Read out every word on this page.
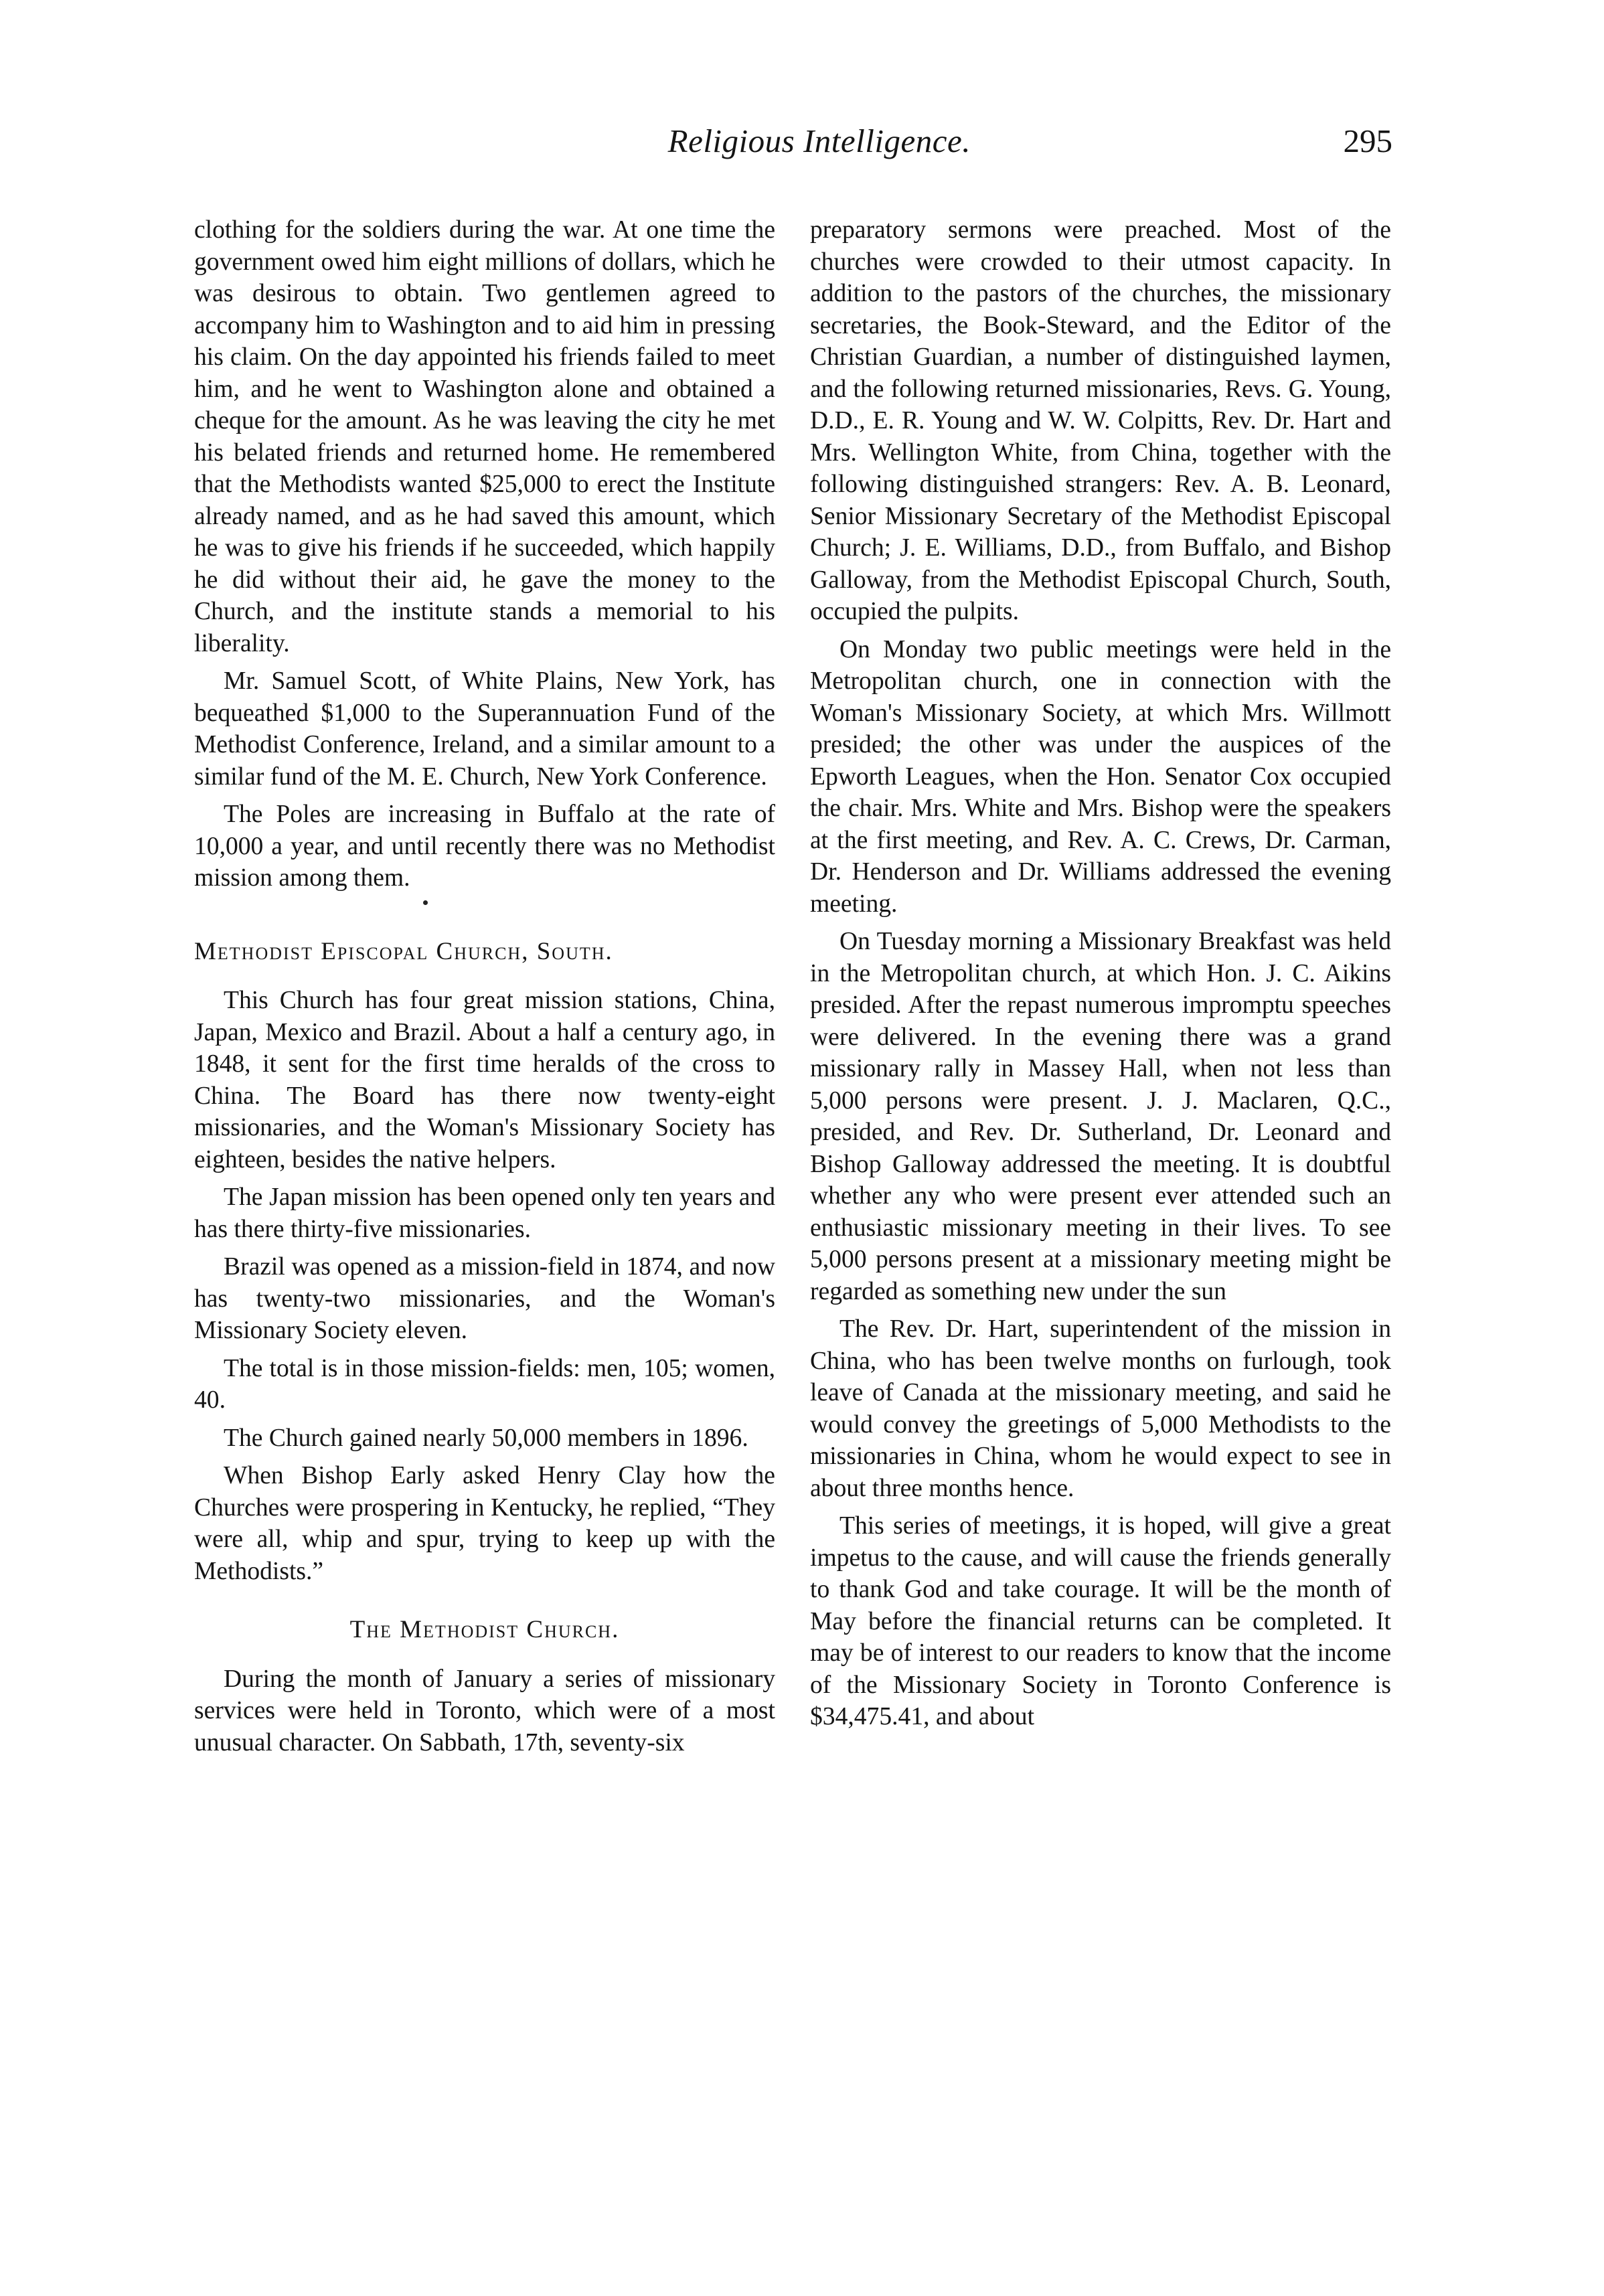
Religious Intelligence.	295

clothing for the soldiers during the war. At one time the government owed him eight millions of dollars, which he was desirous to obtain. Two gentlemen agreed to accompany him to Washington and to aid him in pressing his claim. On the day appointed his friends failed to meet him, and he went to Washington alone and obtained a cheque for the amount. As he was leaving the city he met his belated friends and returned home. He remembered that the Methodists wanted $25,000 to erect the Institute already named, and as he had saved this amount, which he was to give his friends if he succeeded, which happily he did without their aid, he gave the money to the Church, and the institute stands a memorial to his liberality.

Mr. Samuel Scott, of White Plains, New York, has bequeathed $1,000 to the Superannuation Fund of the Methodist Conference, Ireland, and a similar amount to a similar fund of the M. E. Church, New York Conference.

The Poles are increasing in Buffalo at the rate of 10,000 a year, and until recently there was no Methodist mission among them.

Methodist Episcopal Church, South.

This Church has four great mission stations, China, Japan, Mexico and Brazil. About a half a century ago, in 1848, it sent for the first time heralds of the cross to China. The Board has there now twenty-eight missionaries, and the Woman's Missionary Society has eighteen, besides the native helpers.

The Japan mission has been opened only ten years and has there thirty-five missionaries.

Brazil was opened as a mission-field in 1874, and now has twenty-two missionaries, and the Woman's Missionary Society eleven.

The total is in those mission-fields: men, 105; women, 40.

The Church gained nearly 50,000 members in 1896.

When Bishop Early asked Henry Clay how the Churches were prospering in Kentucky, he replied, “They were all, whip and spur, trying to keep up with the Methodists.”

The Methodist Church.

During the month of January a series of missionary services were held in Toronto, which were of a most unusual character. On Sabbath, 17th, seventy-six

preparatory sermons were preached. Most of the churches were crowded to their utmost capacity. In addition to the pastors of the churches, the missionary secretaries, the Book-Steward, and the Editor of the Christian Guardian, a number of distinguished laymen, and the following returned missionaries, Revs. G. Young, D.D., E. R. Young and W. W. Colpitts, Rev. Dr. Hart and Mrs. Wellington White, from China, together with the following distinguished strangers: Rev. A. B. Leonard, Senior Missionary Secretary of the Methodist Episcopal Church; J. E. Williams, D.D., from Buffalo, and Bishop Galloway, from the Methodist Episcopal Church, South, occupied the pulpits.

On Monday two public meetings were held in the Metropolitan church, one in connection with the Woman's Missionary Society, at which Mrs. Willmott presided; the other was under the auspices of the Epworth Leagues, when the Hon. Senator Cox occupied the chair. Mrs. White and Mrs. Bishop were the speakers at the first meeting, and Rev. A. C. Crews, Dr. Carman, Dr. Henderson and Dr. Williams addressed the evening meeting.

On Tuesday morning a Missionary Breakfast was held in the Metropolitan church, at which Hon. J. C. Aikins presided. After the repast numerous impromptu speeches were delivered. In the evening there was a grand missionary rally in Massey Hall, when not less than 5,000 persons were present. J. J. Maclaren, Q.C., presided, and Rev. Dr. Sutherland, Dr. Leonard and Bishop Galloway addressed the meeting. It is doubtful whether any who were present ever attended such an enthusiastic missionary meeting in their lives. To see 5,000 persons present at a missionary meeting might be regarded as something new under the sun

The Rev. Dr. Hart, superintendent of the mission in China, who has been twelve months on furlough, took leave of Canada at the missionary meeting, and said he would convey the greetings of 5,000 Methodists to the missionaries in China, whom he would expect to see in about three months hence.

This series of meetings, it is hoped, will give a great impetus to the cause, and will cause the friends generally to thank God and take courage. It will be the month of May before the financial returns can be completed. It may be of interest to our readers to know that the income of the Missionary Society in Toronto Conference is $34,475.41, and about
